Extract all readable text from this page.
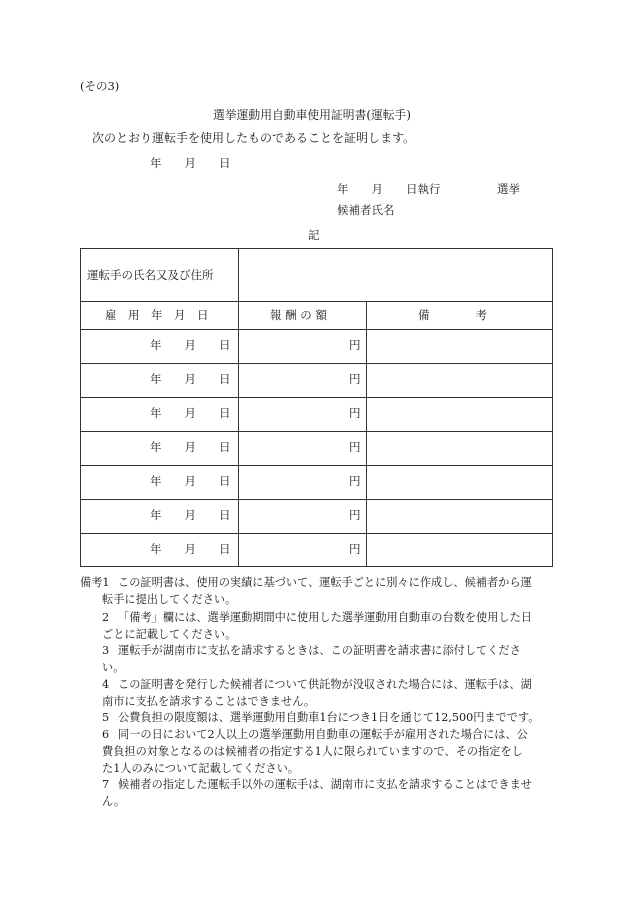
(その3)
選挙運動用自動車使用証明書(運転手)
次のとおり運転手を使用したものであることを証明します。
年　　月　　日
年　　月　　日執行	選挙
候補者氏名
記
運転手の氏名又及び住所
雇　用　年　月　日	報 酬 の 額	備　　　　考
年　　月　　日	円
年　　月　　日	円
年　　月　　日	円
年　　月　　日	円
年　　月　　日	円
年　　月　　日	円
年　　月　　日	円
備考1 この証明書は、使用の実績に基づいて、運転手ごとに別々に作成し、候補者から運
転手に提出してください。
2 「備考」欄には、選挙運動期間中に使用した選挙運動用自動車の台数を使用した日
ごとに記載してください。
3 運転手が湖南市に支払を請求するときは、この証明書を請求書に添付してくださ
い。
4 この証明書を発行した候補者について供託物が没収された場合には、運転手は、湖
南市に支払を請求することはできません。
5 公費負担の限度額は、選挙運動用自動車1台につき1日を通じて12,500円までです。
6 同一の日において2人以上の選挙運動用自動車の運転手が雇用された場合には、公
費負担の対象となるのは候補者の指定する1人に限られていますので、その指定をし
た1人のみについて記載してください。
7 候補者の指定した運転手以外の運転手は、湖南市に支払を請求することはできませ
ん。
